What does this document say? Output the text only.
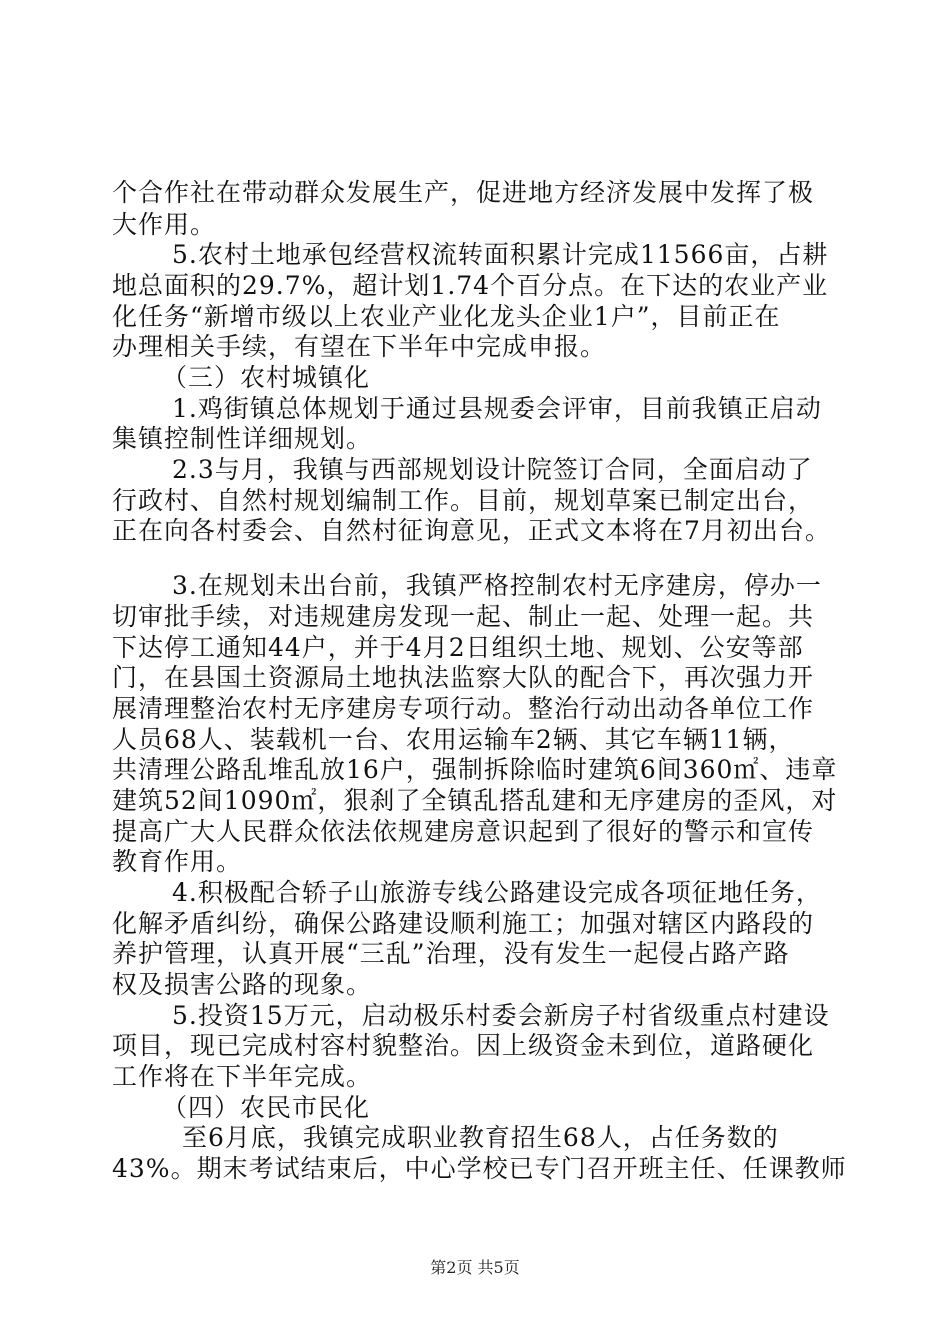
个合作社在带动群众发展生产，促进地方经济发展中发挥了极
大作用。
5.农村土地承包经营权流转面积累计完成11566亩，占耕
地总面积的29.7%，超计划1.74个百分点。在下达的农业产业
化任务“新增市级以上农业产业化龙头企业1户”，目前正在
办理相关手续，有望在下半年中完成申报。
（三）农村城镇化
1.鸡街镇总体规划于通过县规委会评审，目前我镇正启动
集镇控制性详细规划。
2.3与月，我镇与西部规划设计院签订合同，全面启动了
行政村、自然村规划编制工作。目前，规划草案已制定出台，
正在向各村委会、自然村征询意见，正式文本将在7月初出台。
3.在规划未出台前，我镇严格控制农村无序建房，停办一
切审批手续，对违规建房发现一起、制止一起、处理一起。共
下达停工通知44户，并于4月2日组织土地、规划、公安等部
门，在县国土资源局土地执法监察大队的配合下，再次强力开
展清理整治农村无序建房专项行动。整治行动出动各单位工作
人员68人、装载机一台、农用运输车2辆、其它车辆11辆，
共清理公路乱堆乱放16户，强制拆除临时建筑6间360㎡、违章
建筑52间1090㎡，狠刹了全镇乱搭乱建和无序建房的歪风，对
提高广大人民群众依法依规建房意识起到了很好的警示和宣传
教育作用。
4.积极配合轿子山旅游专线公路建设完成各项征地任务，
化解矛盾纠纷，确保公路建设顺利施工；加强对辖区内路段的
养护管理，认真开展“三乱”治理，没有发生一起侵占路产路
权及损害公路的现象。
5.投资15万元，启动极乐村委会新房子村省级重点村建设
项目，现已完成村容村貌整治。因上级资金未到位，道路硬化
工作将在下半年完成。
（四）农民市民化
至6月底，我镇完成职业教育招生68人，占任务数的
43%。期末考试结束后，中心学校已专门召开班主任、任课教师
第2页 共5页
